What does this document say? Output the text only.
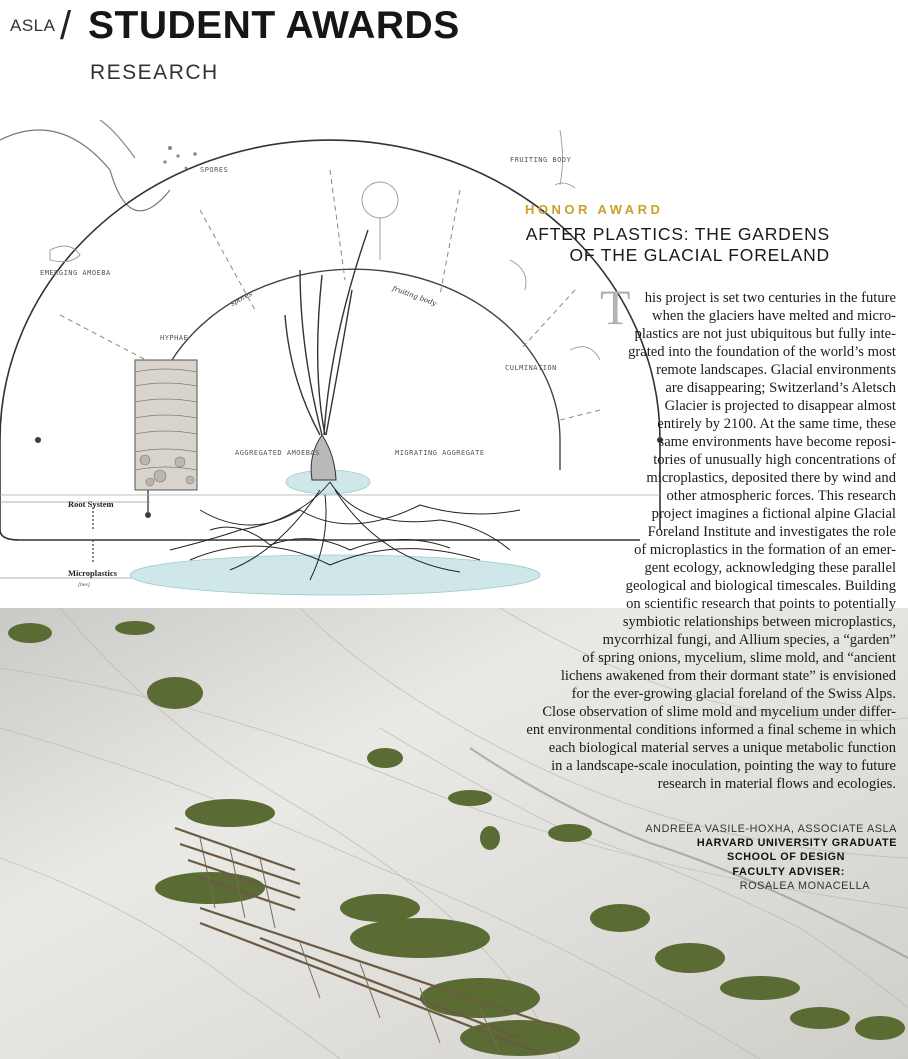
ASLA / STUDENT AWARDS
RESEARCH
SPORES
FRUITING BODY
EMERGING AMOEBA
HYPHAE
AGGREGATED AMOEBAS	MIGRATING AGGREGATE
CULMINATION
spores	fruiting body
Root System
Microplastics
[bee]
HONOR AWARD
AFTER PLASTICS: THE GARDENS
OF THE GLACIAL FORELAND
T his project is set two centuries in the future
when the glaciers have melted and micro-
plastics are not just ubiquitous but fully inte-
grated into the foundation of the world’s most
remote landscapes. Glacial environments
are disappearing; Switzerland’s Aletsch
Glacier is projected to disappear almost
entirely by 2100. At the same time, these
same environments have become reposi-
tories of unusually high concentrations of
microplastics, deposited there by wind and
other atmospheric forces. This research
project imagines a fictional alpine Glacial
Foreland Institute and investigates the role
of microplastics in the formation of an emer-
gent ecology, acknowledging these parallel
geological and biological timescales. Building
on scientific research that points to potentially
symbiotic relationships between microplastics,
mycorrhizal fungi, and Allium species, a “garden”
of spring onions, mycelium, slime mold, and “ancient
lichens awakened from their dormant state” is envisioned
for the ever-growing glacial foreland of the Swiss Alps.
Close observation of slime mold and mycelium under differ-
ent environmental conditions informed a final scheme in which
each biological material serves a unique metabolic function
in a landscape-scale inoculation, pointing the way to future
research in material flows and ecologies.
ANDREEA VASILE-HOXHA, ASSOCIATE ASLA
HARVARD UNIVERSITY GRADUATE
SCHOOL OF DESIGN
FACULTY ADVISER:
ROSALEA MONACELLA
